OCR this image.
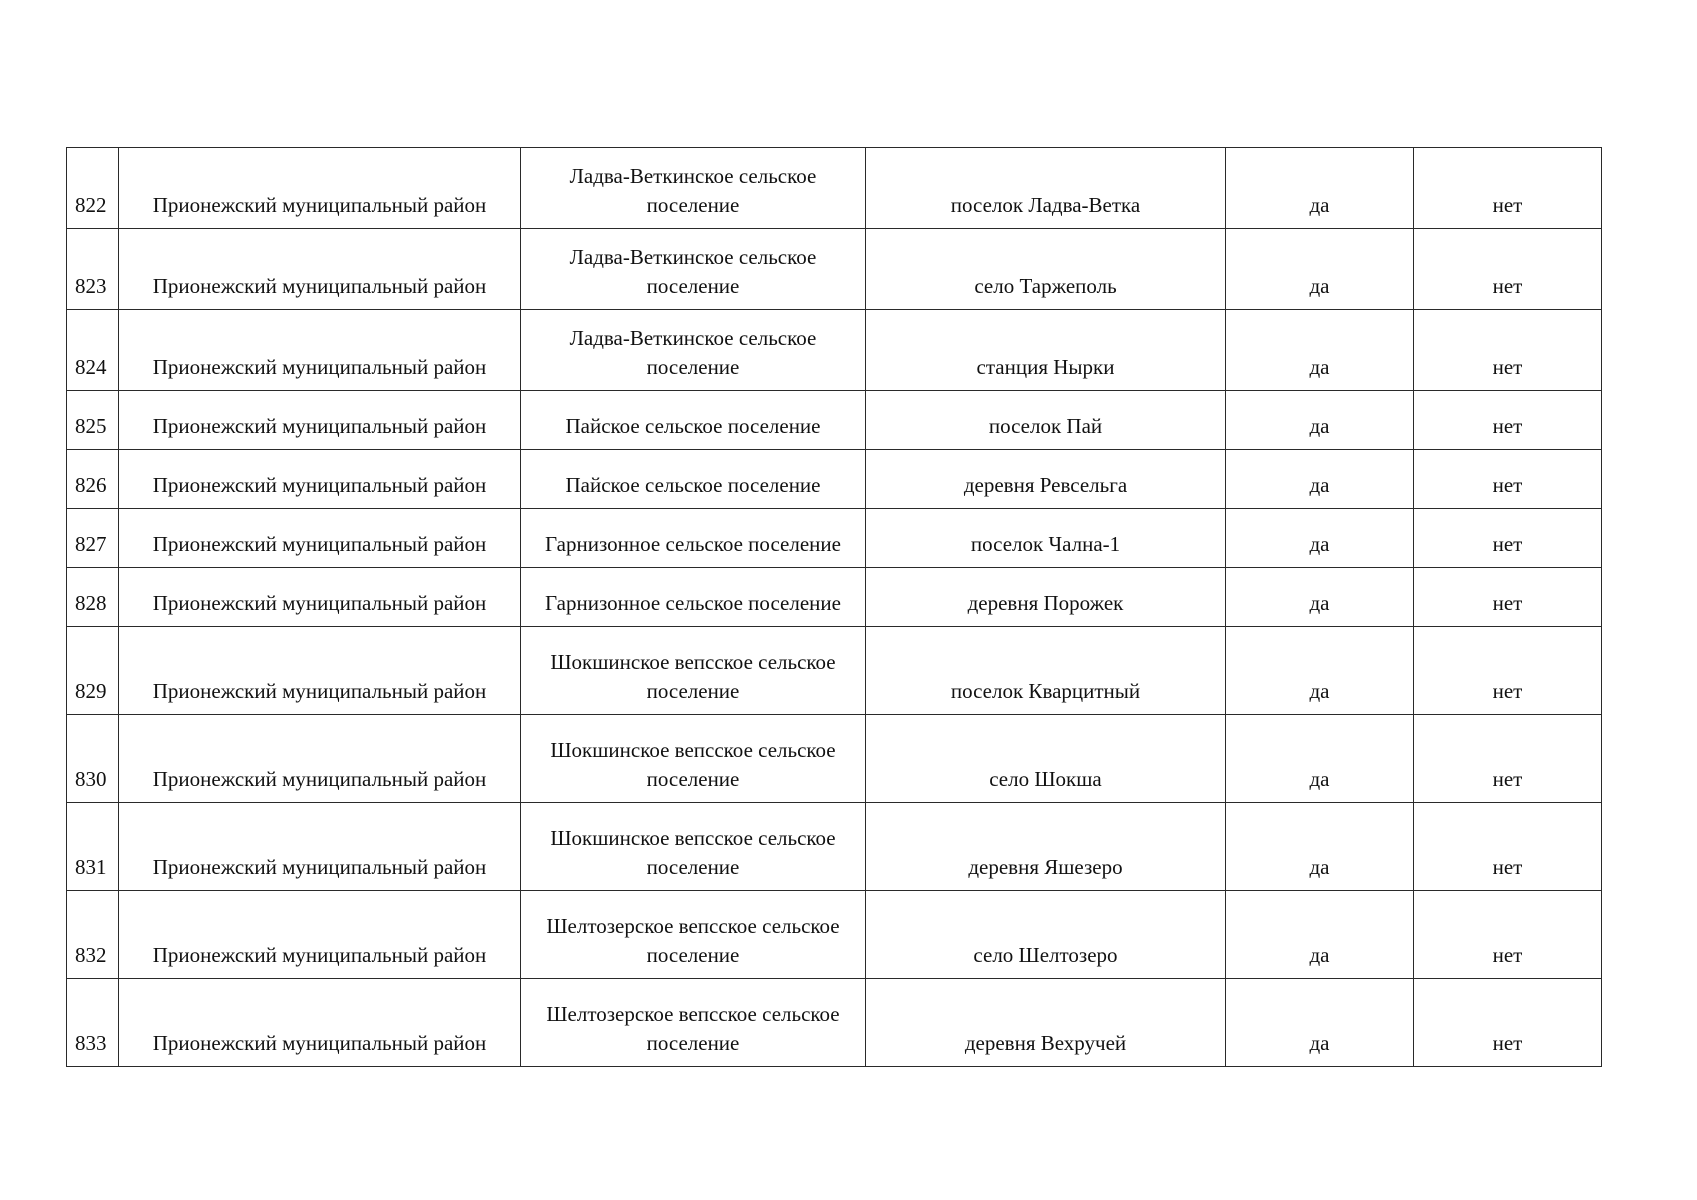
822	Прионежский муниципальный район	Ладва-Веткинское сельское поселение	поселок Ладва-Ветка	да	нет
823	Прионежский муниципальный район	Ладва-Веткинское сельское поселение	село Таржеполь	да	нет
824	Прионежский муниципальный район	Ладва-Веткинское сельское поселение	станция Нырки	да	нет
825	Прионежский муниципальный район	Пайское сельское поселение	поселок Пай	да	нет
826	Прионежский муниципальный район	Пайское сельское поселение	деревня Ревсельга	да	нет
827	Прионежский муниципальный район	Гарнизонное сельское поселение	поселок Чална-1	да	нет
828	Прионежский муниципальный район	Гарнизонное сельское поселение	деревня Порожек	да	нет
829	Прионежский муниципальный район	Шокшинское вепсское сельское поселение	поселок Кварцитный	да	нет
830	Прионежский муниципальный район	Шокшинское вепсское сельское поселение	село Шокша	да	нет
831	Прионежский муниципальный район	Шокшинское вепсское сельское поселение	деревня Яшезеро	да	нет
832	Прионежский муниципальный район	Шелтозерское вепсское сельское поселение	село Шелтозеро	да	нет
833	Прионежский муниципальный район	Шелтозерское вепсское сельское поселение	деревня Вехручей	да	нет
